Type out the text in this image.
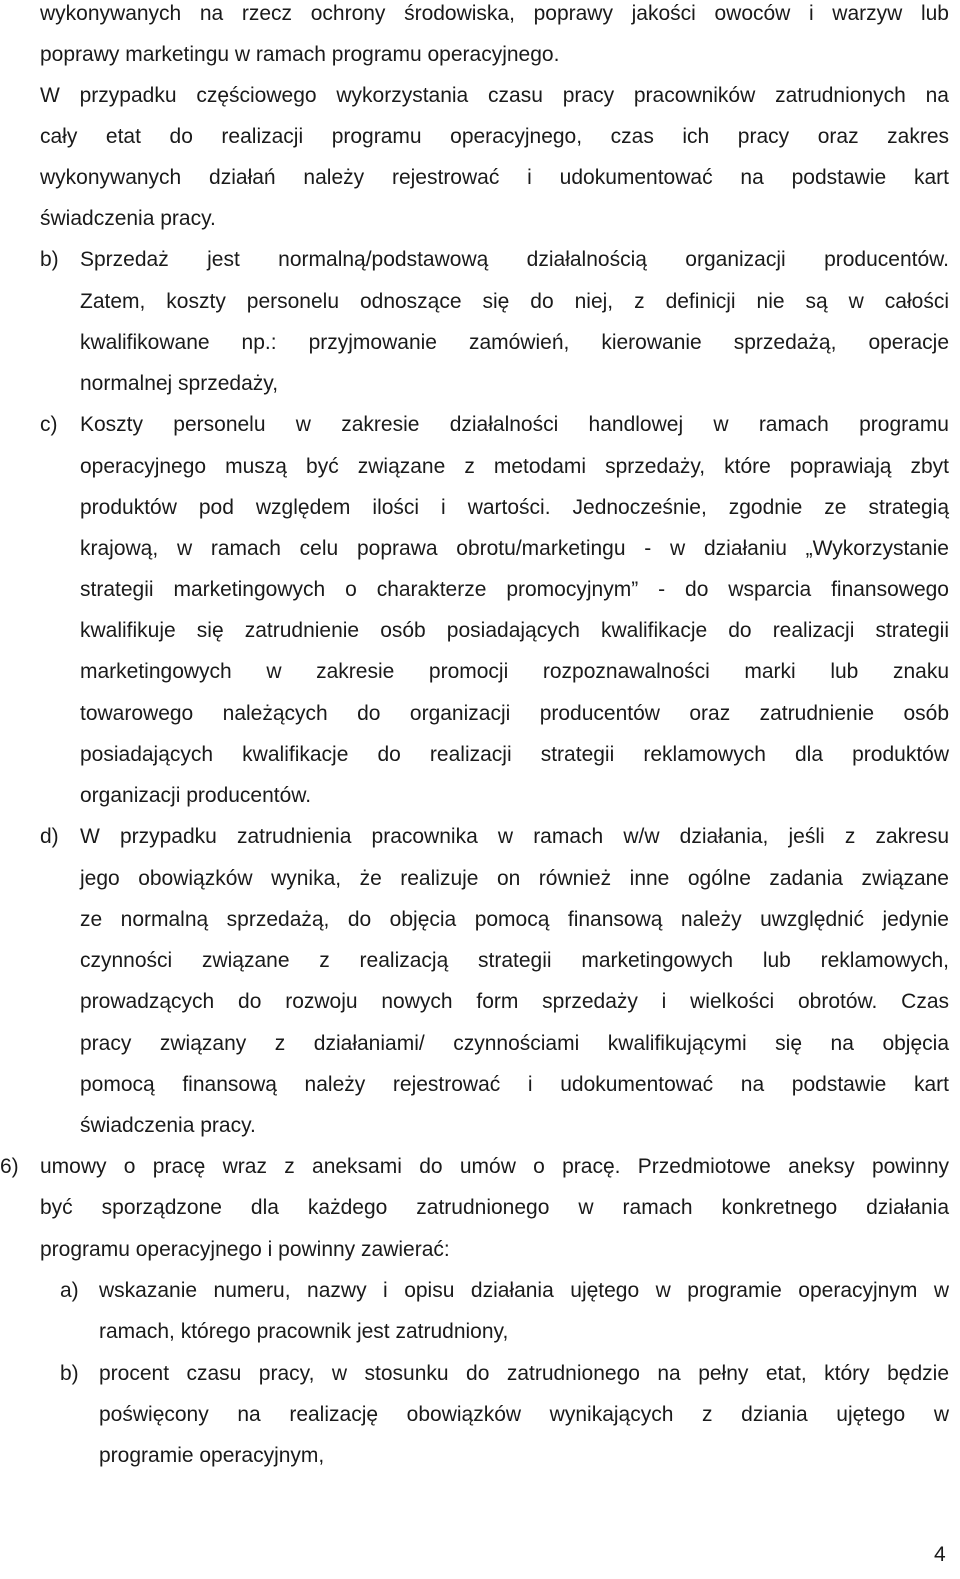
wykonywanych na rzecz ochrony środowiska, poprawy jakości owoców i warzyw lub
poprawy marketingu w ramach programu operacyjnego.
W przypadku częściowego wykorzystania czasu pracy pracowników zatrudnionych na
cały etat do realizacji programu operacyjnego, czas ich pracy oraz zakres
wykonywanych działań należy rejestrować i udokumentować na podstawie kart
świadczenia pracy.
b) Sprzedaż jest normalną/podstawową działalnością organizacji producentów.
Zatem, koszty personelu odnoszące się do niej, z definicji nie są w całości
kwalifikowane np.: przyjmowanie zamówień, kierowanie sprzedażą, operacje
normalnej sprzedaży,
c) Koszty personelu w zakresie działalności handlowej w ramach programu
operacyjnego muszą być związane z metodami sprzedaży, które poprawiają zbyt
produktów pod względem ilości i wartości. Jednocześnie, zgodnie ze strategią
krajową, w ramach celu poprawa obrotu/marketingu - w działaniu „Wykorzystanie
strategii marketingowych o charakterze promocyjnym” - do wsparcia finansowego
kwalifikuje się zatrudnienie osób posiadających kwalifikacje do realizacji strategii
marketingowych w zakresie promocji rozpoznawalności marki lub znaku
towarowego należących do organizacji producentów oraz zatrudnienie osób
posiadających kwalifikacje do realizacji strategii reklamowych dla produktów
organizacji producentów.
d) W przypadku zatrudnienia pracownika w ramach w/w działania, jeśli z zakresu
jego obowiązków wynika, że realizuje on również inne ogólne zadania związane
ze normalną sprzedażą, do objęcia pomocą finansową należy uwzględnić jedynie
czynności związane z realizacją strategii marketingowych lub reklamowych,
prowadzących do rozwoju nowych form sprzedaży i wielkości obrotów. Czas
pracy związany z działaniami/ czynnościami kwalifikującymi się na objęcia
pomocą finansową należy rejestrować i udokumentować na podstawie kart
świadczenia pracy.
6) umowy o pracę wraz z aneksami do umów o pracę. Przedmiotowe aneksy powinny
być sporządzone dla każdego zatrudnionego w ramach konkretnego działania
programu operacyjnego i powinny zawierać:
a) wskazanie numeru, nazwy i opisu działania ujętego w programie operacyjnym w
ramach, którego pracownik jest zatrudniony,
b) procent czasu pracy, w stosunku do zatrudnionego na pełny etat, który będzie
poświęcony na realizację obowiązków wynikających z dziania ujętego w
programie operacyjnym,
4
